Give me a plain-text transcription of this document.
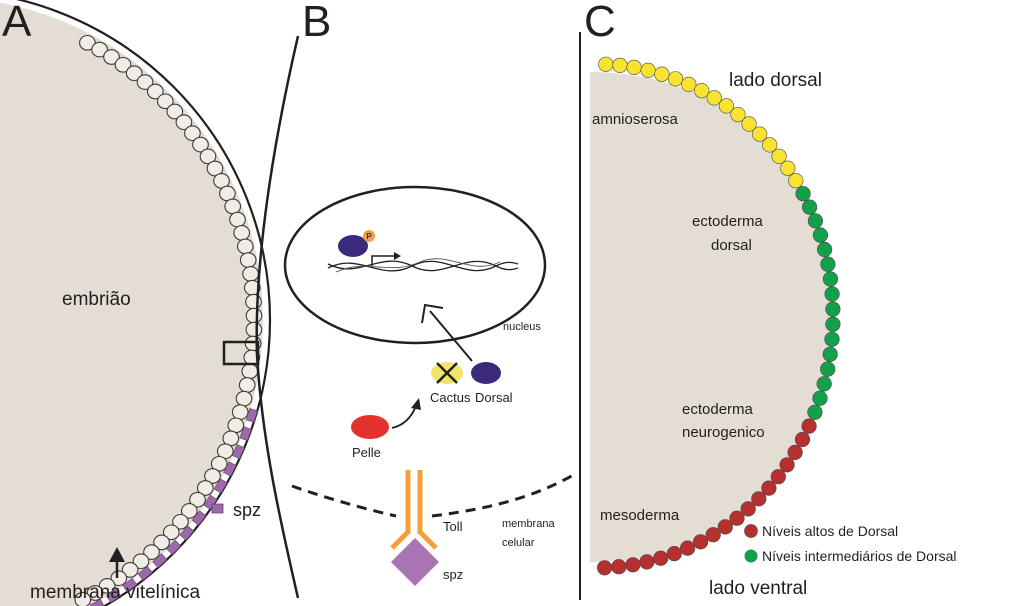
A
embrião
spz
membrana vitelínica
B
P
nucleus
Cactus Dorsal
Pelle
Toll
spz
membrana
celular
C
lado dorsal
amnioserosa
ectoderma
dorsal
ectoderma
neurogenico
mesoderma
Níveis altos de Dorsal
Níveis intermediários de Dorsal
lado ventral
